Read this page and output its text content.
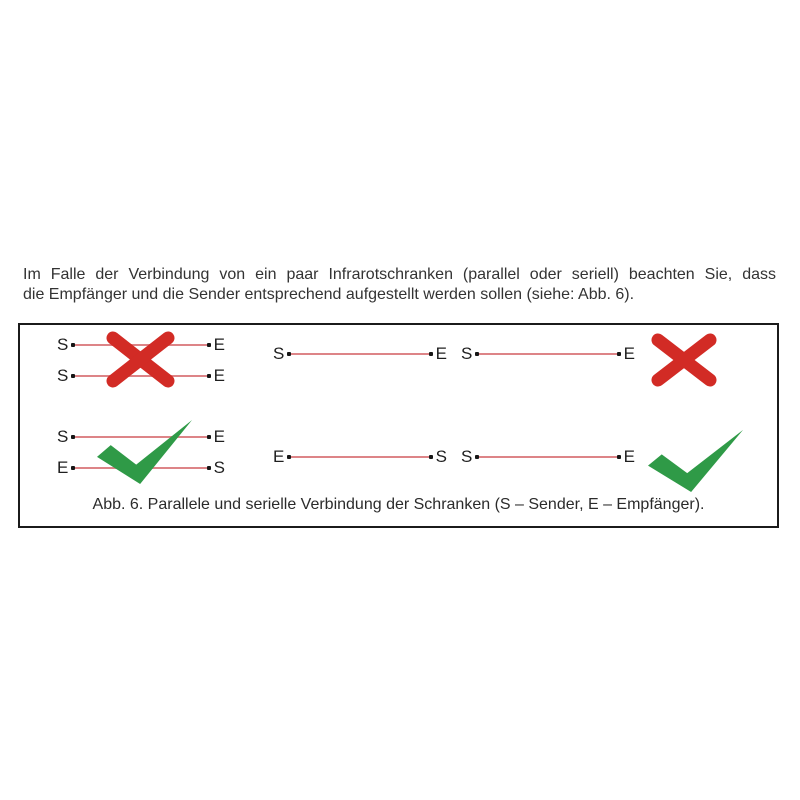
Im Falle der Verbindung von ein paar Infrarotschranken (parallel oder seriell) beachten Sie, dass
die Empfänger und die Sender entsprechend aufgestellt werden sollen (siehe: Abb. 6).

S	E
S	E
S	E S	E
S	E
E	S
E	S S	E
Abb. 6. Parallele und serielle Verbindung der Schranken (S – Sender, E – Empfänger).
